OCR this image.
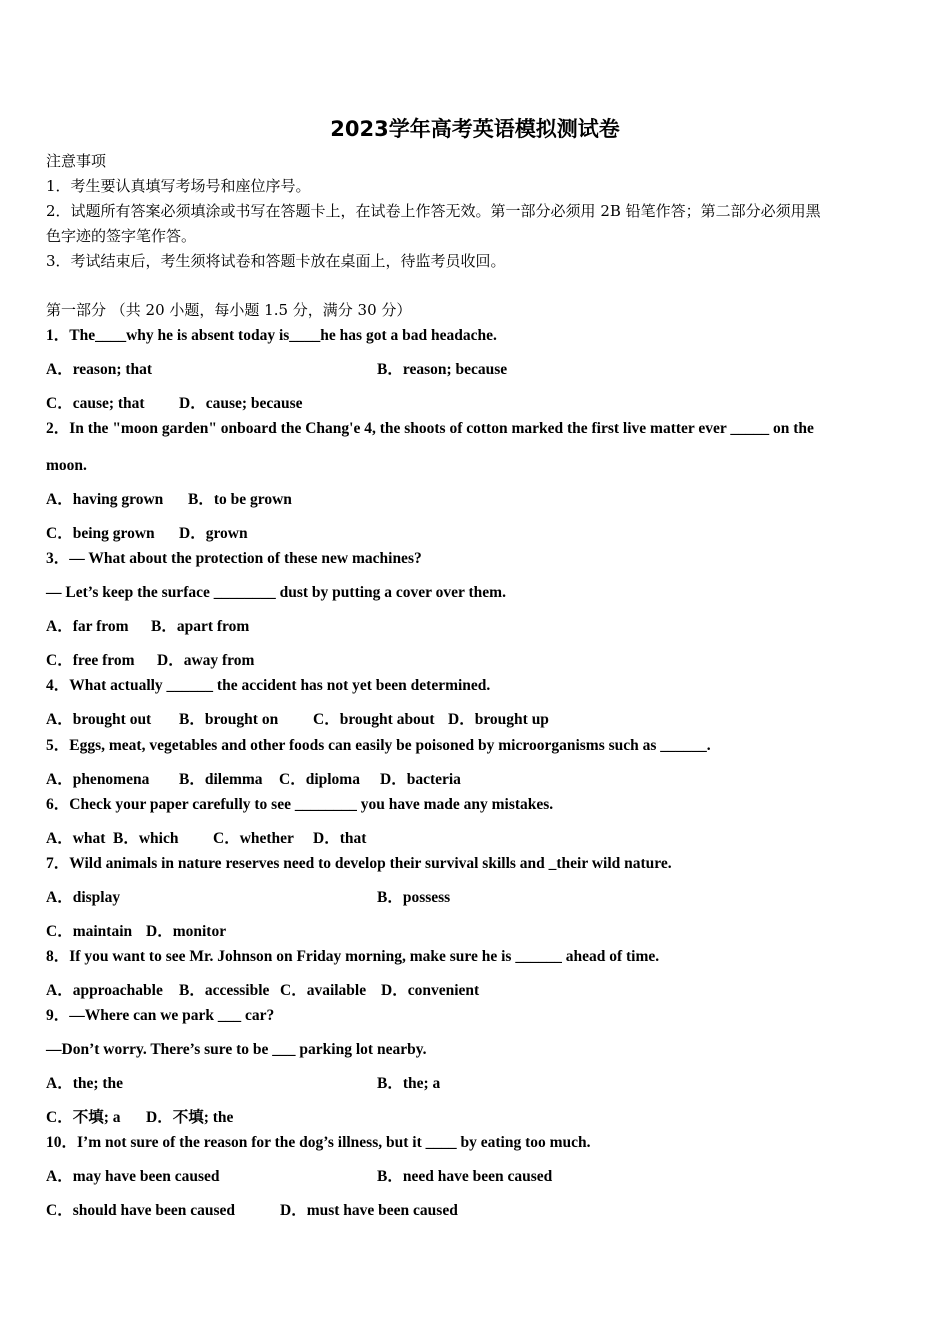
2023学年高考英语模拟测试卷
注意事项
1．考生要认真填写考场号和座位序号。
2．试题所有答案必须填涂或书写在答题卡上，在试卷上作答无效。第一部分必须用 2B 铅笔作答；第二部分必须用黑
色字迹的签字笔作答。
3．考试结束后，考生须将试卷和答题卡放在桌面上，待监考员收回。
第一部分 （共 20 小题，每小题 1.5 分，满分 30 分）
1．The____why he is absent today is____he has got a bad headache.
A．reason; that	B．reason; because
C．cause; that D．cause; because
2．In the "moon garden" onboard the Chang'e 4, the shoots of cotton marked the first live matter ever _____ on the
moon.
A．having grown B．to be grown
C．being grown D．grown
3．— What about the protection of these new machines?
— Let’s keep the surface ________ dust by putting a cover over them.
A．far from B．apart from
C．free from D．away from
4．What actually ______ the accident has not yet been determined.
A．brought out B．brought on C．brought about D．brought up
5．Eggs, meat, vegetables and other foods can easily be poisoned by microorganisms such as ______.
A．phenomena B．dilemma C．diploma D．bacteria
6．Check your paper carefully to see ________ you have made any mistakes.
A．what B．which C．whether D．that
7．Wild animals in nature reserves need to develop their survival skills and _their wild nature.
A．display	B．possess
C．maintain D．monitor
8．If you want to see Mr. Johnson on Friday morning, make sure he is ______ ahead of time.
A．approachable B．accessible C．available D．convenient
9．—Where can we park ___ car?
—Don’t worry. There’s sure to be ___ parking lot nearby.
A．the; the	B．the; a
C．不填; a D．不填; the
10．I’m not sure of the reason for the dog’s illness, but it ____ by eating too much.
A．may have been caused	B．need have been caused
C．should have been caused	D．must have been caused
